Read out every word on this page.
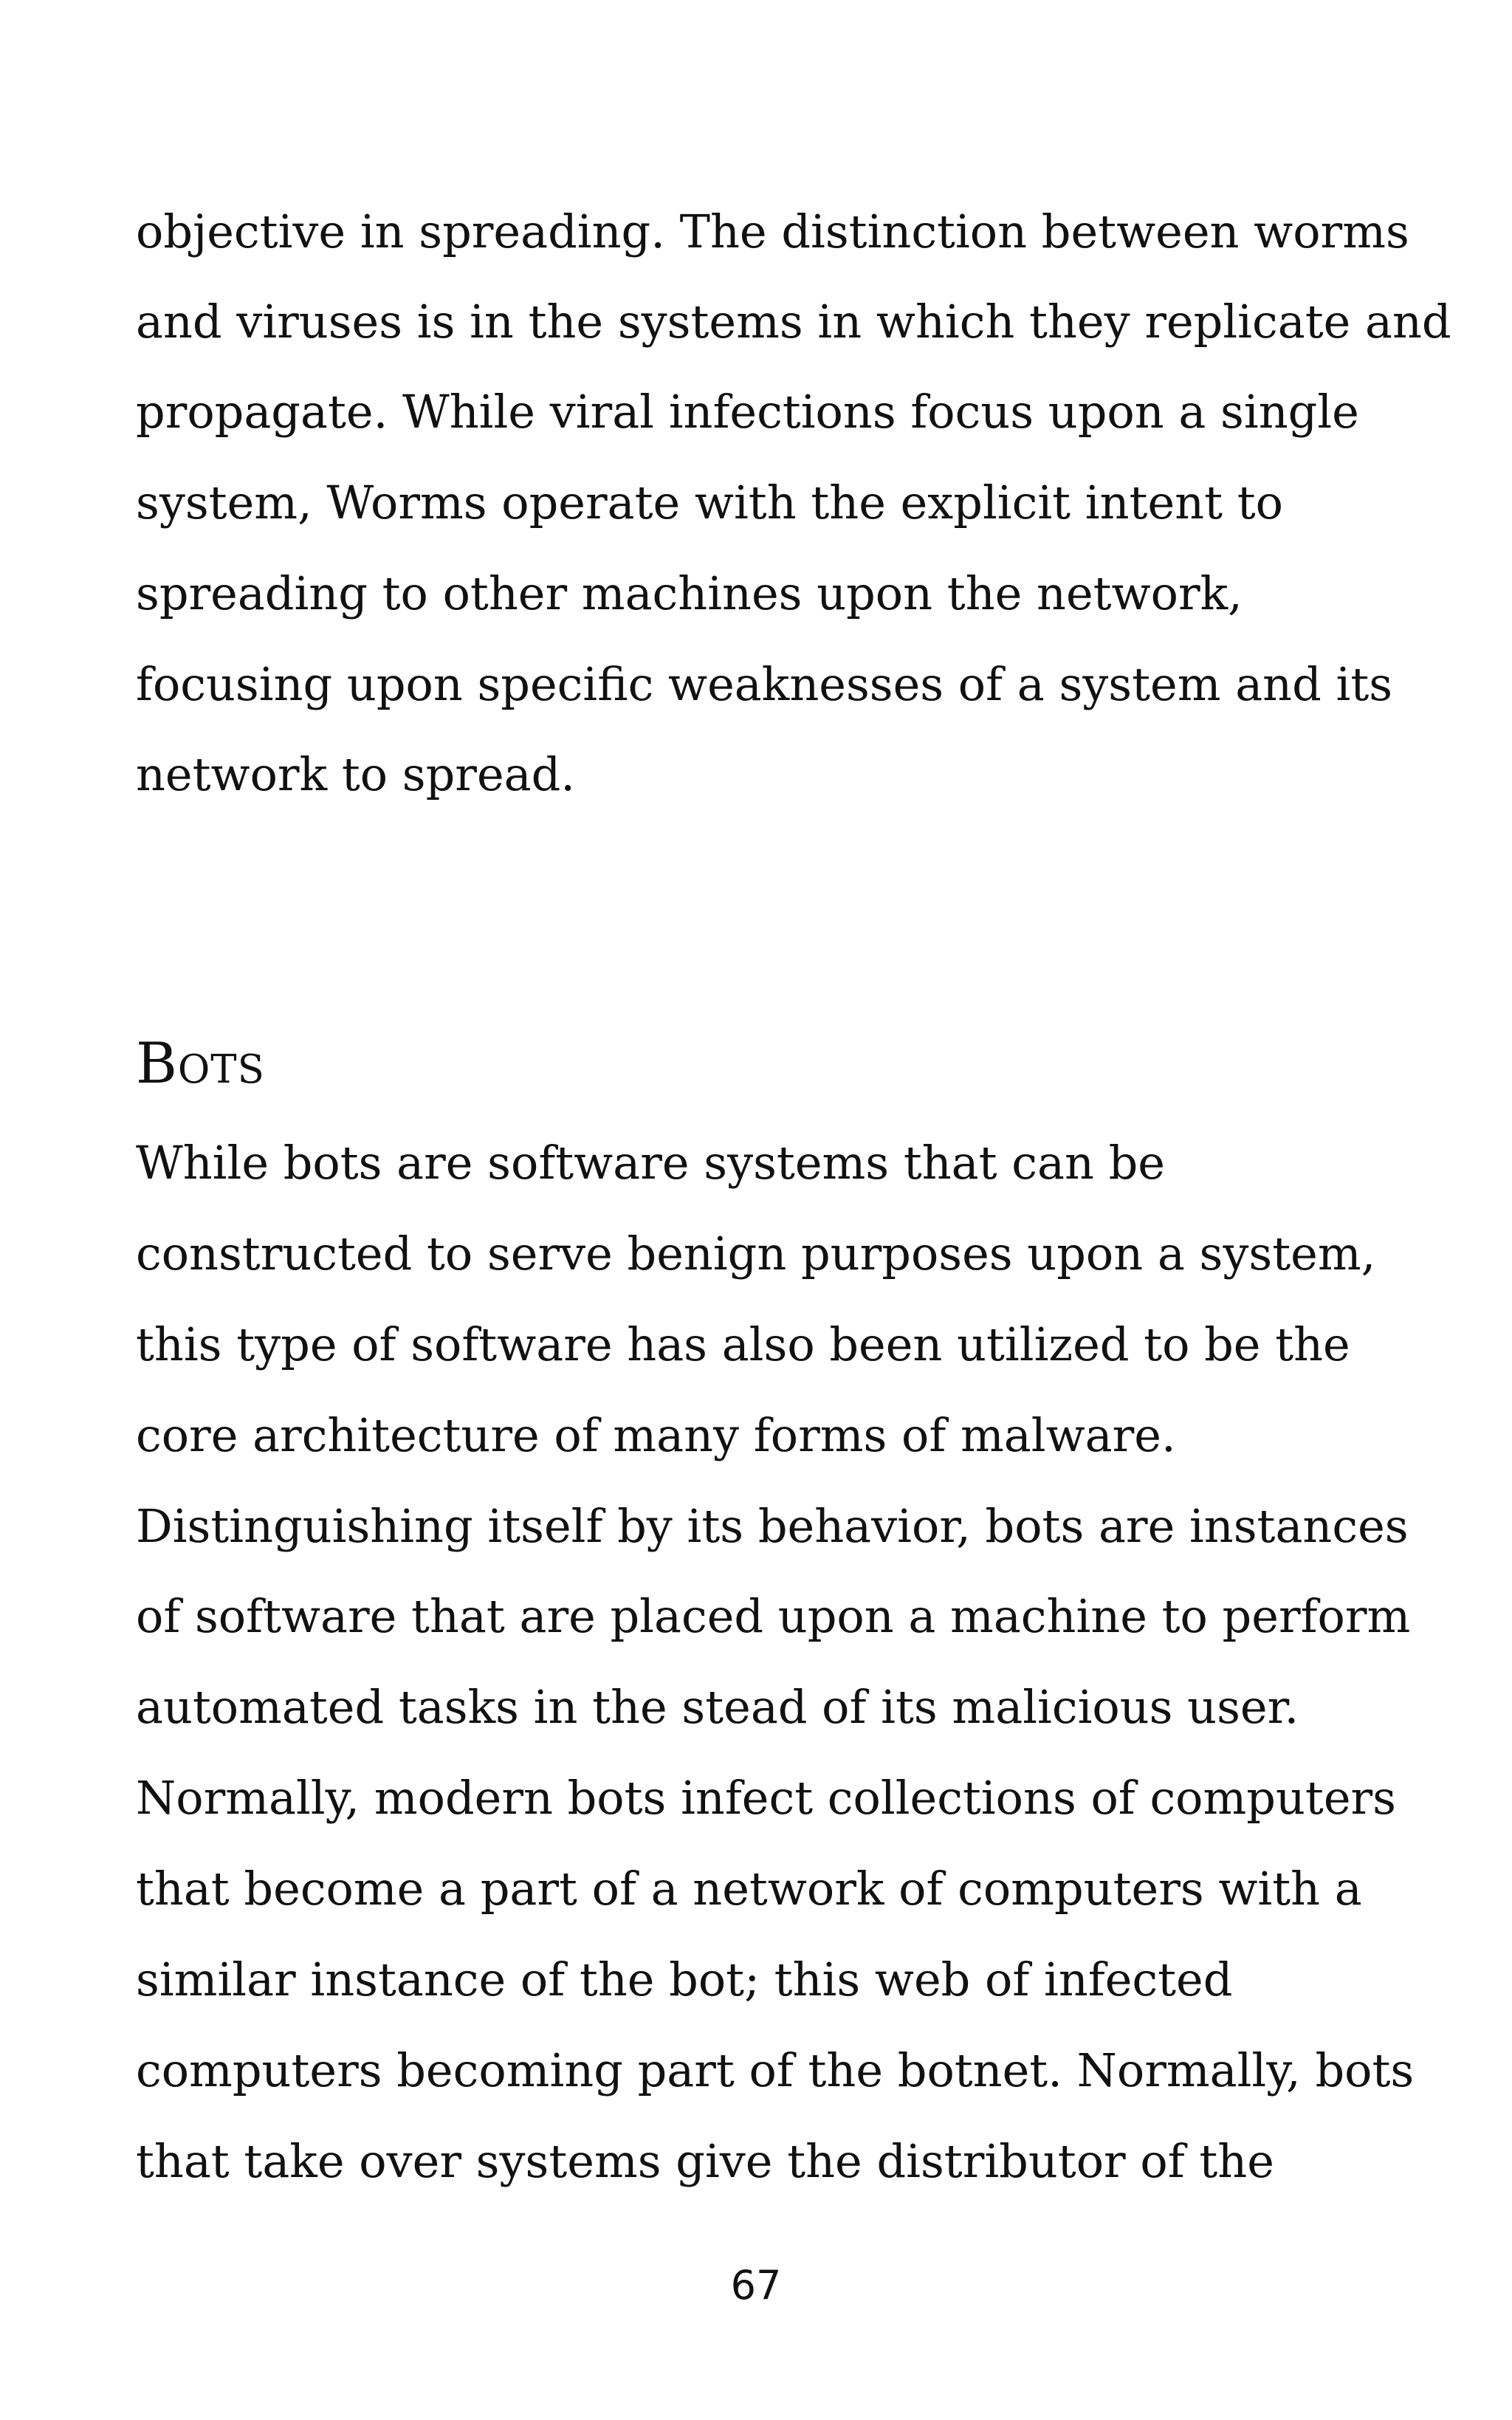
objective in spreading. The distinction between worms

and viruses is in the systems in which they replicate and

propagate. While viral infections focus upon a single

system, Worms operate with the explicit intent to

spreading to other machines upon the network,

focusing upon specific weaknesses of a system and its

network to spread.

Bots

While bots are software systems that can be

constructed to serve benign purposes upon a system,

this type of software has also been utilized to be the

core architecture of many forms of malware.

Distinguishing itself by its behavior, bots are instances

of software that are placed upon a machine to perform

automated tasks in the stead of its malicious user.

Normally, modern bots infect collections of computers

that become a part of a network of computers with a

similar instance of the bot; this web of infected

computers becoming part of the botnet. Normally, bots

that take over systems give the distributor of the

67
